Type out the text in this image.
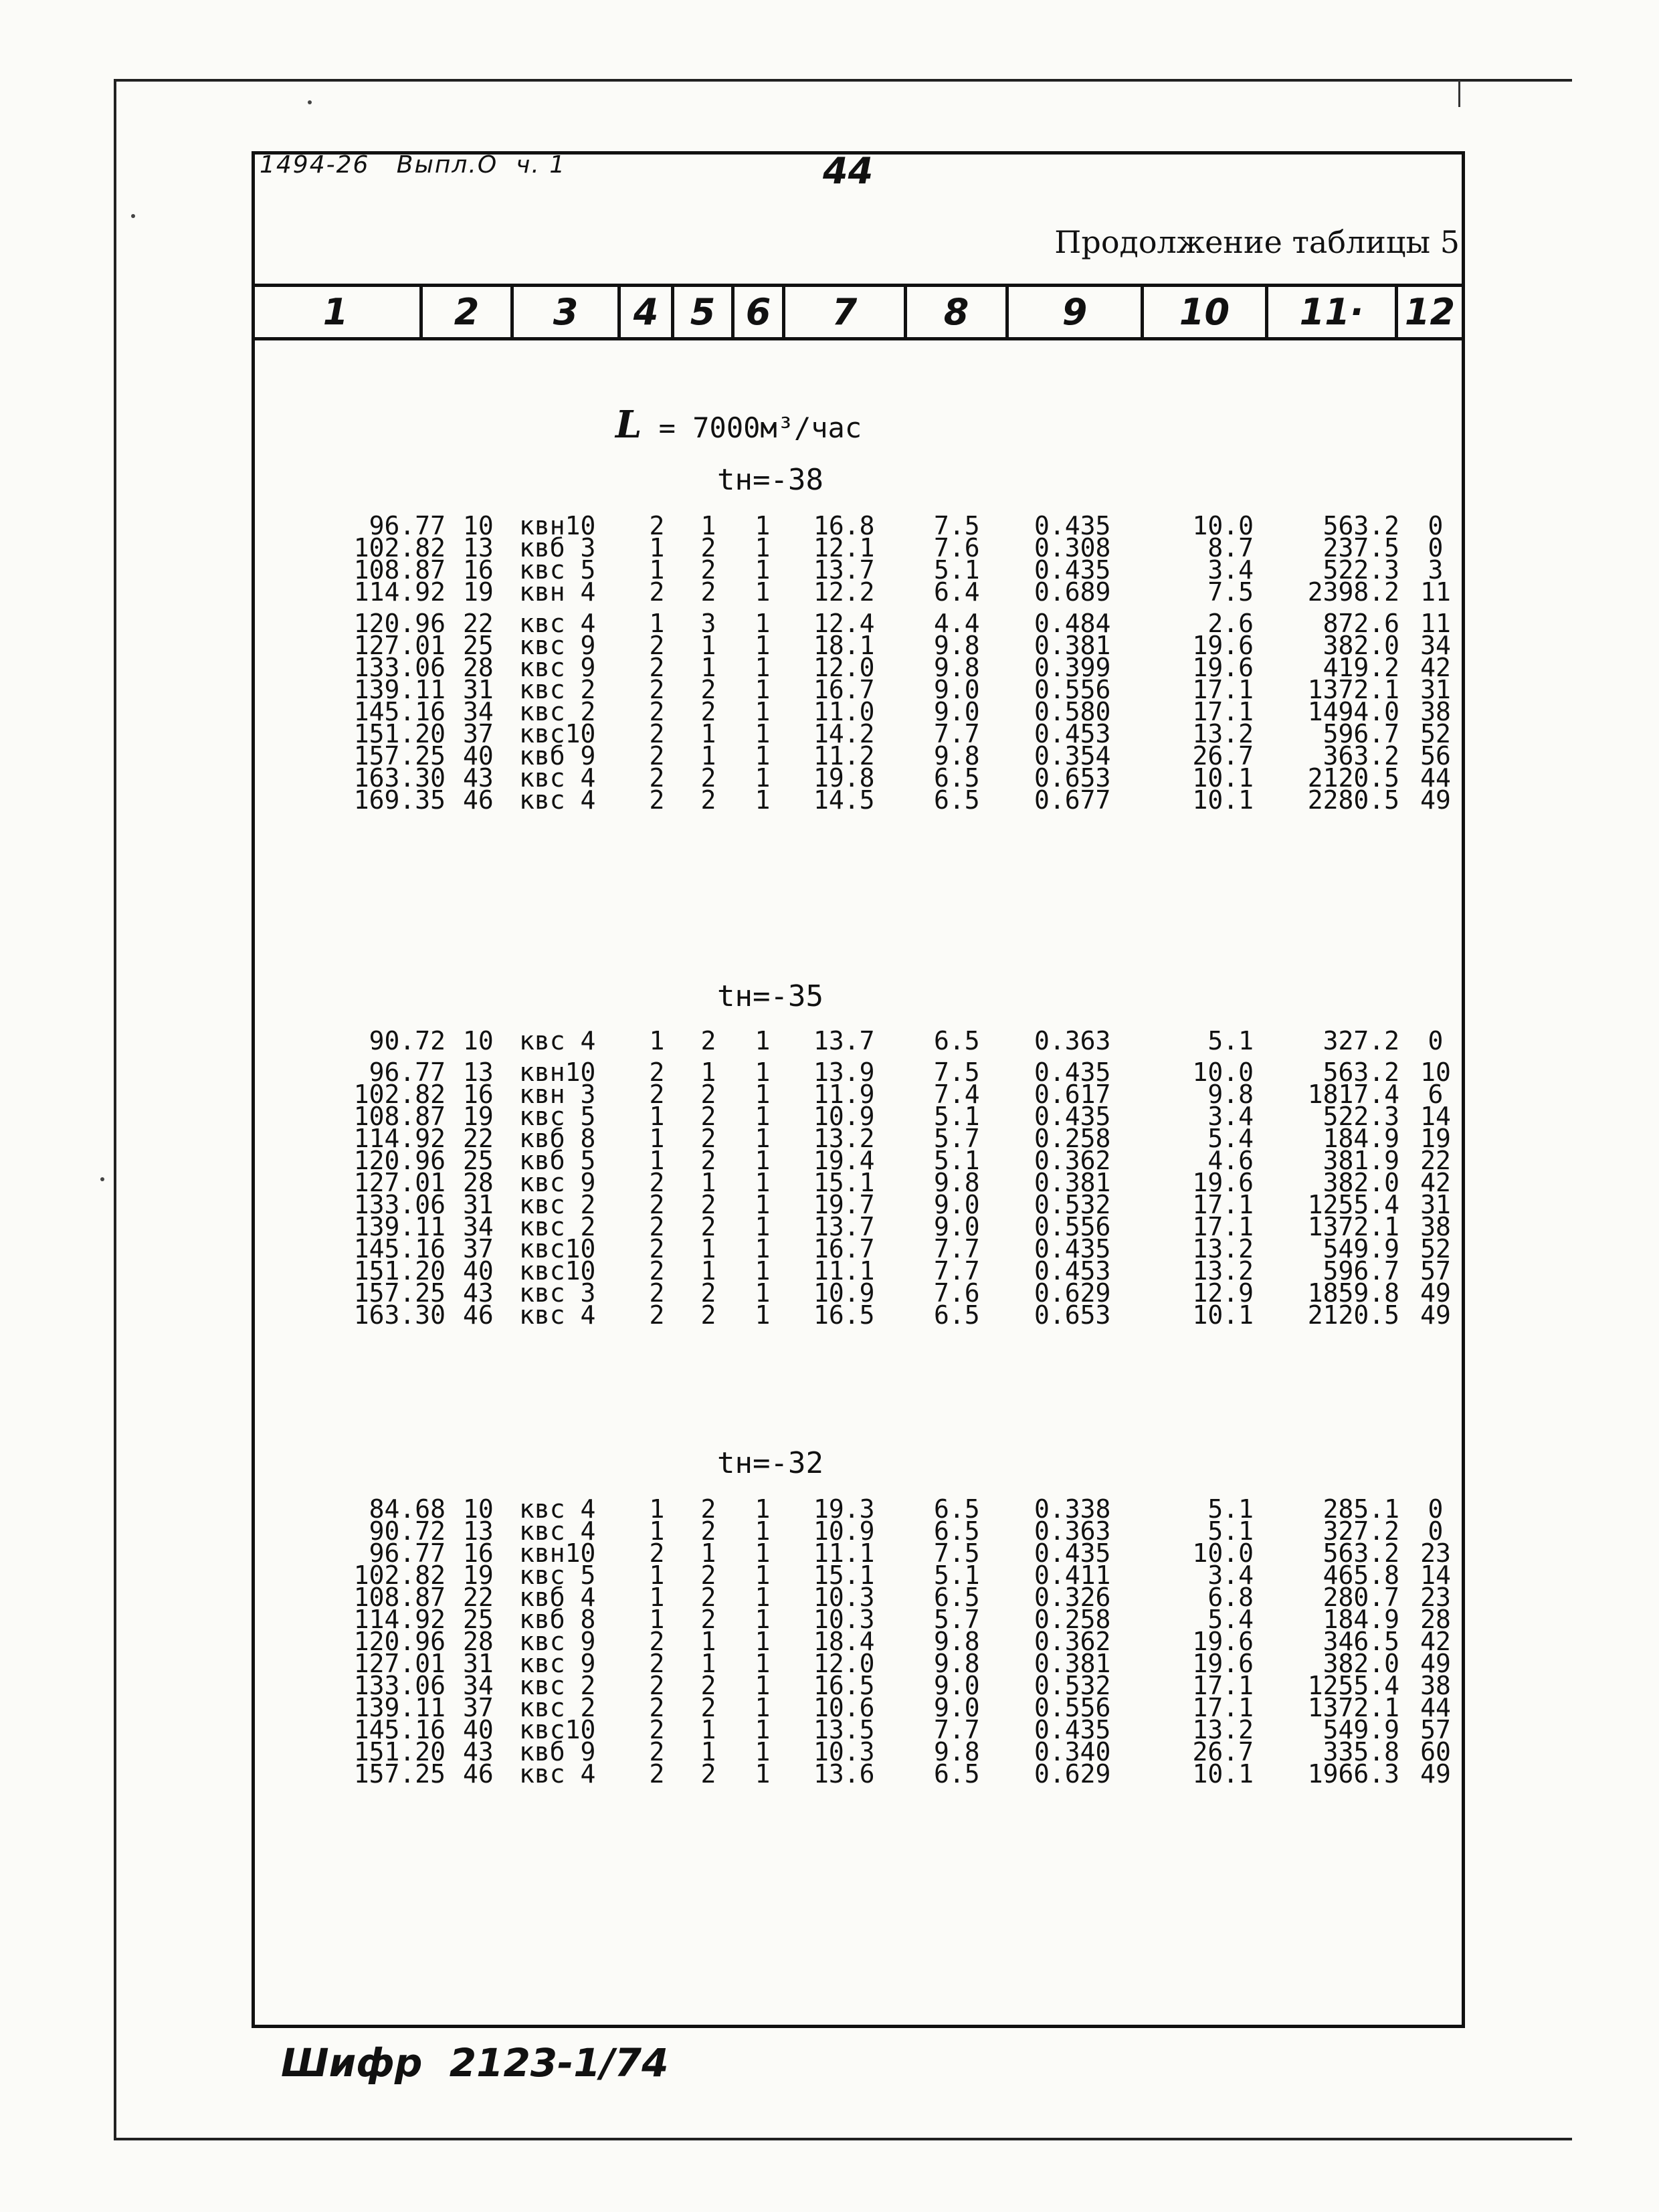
1494-26   Выпл.О  ч. 1	44
Продолжение таблицы 5
1	2	3	4 5 6	7	8	9	10	11·	12
L = 7000м³/час
tн=-38
96.77 10	квн10	2 1 1 16.8	7.5	0.435	10.0	563.2	0
102.82 13	квб 3	1 2 1 12.1	7.6	0.308	8.7	237.5	0
108.87 16	квс 5	1 2 1 13.7	5.1	0.435	3.4	522.3	3
114.92 19	квн 4	2 2 1 12.2	6.4	0.689	7.5	2398.2 11
120.96 22	квс 4	1 3 1 12.4	4.4	0.484	2.6	872.6 11
127.01 25	квс 9	2 1 1 18.1	9.8	0.381	19.6	382.0 34
133.06 28	квс 9	2 1 1 12.0	9.8	0.399	19.6	419.2 42
139.11 31	квс 2	2 2 1 16.7	9.0	0.556	17.1	1372.1 31
145.16 34	квс 2	2 2 1 11.0	9.0	0.580	17.1	1494.0 38
151.20 37	квс10	2 1 1 14.2	7.7	0.453	13.2	596.7 52
157.25 40	квб 9	2 1 1 11.2	9.8	0.354	26.7	363.2 56
163.30 43	квс 4	2 2 1 19.8	6.5	0.653	10.1	2120.5 44
169.35 46	квс 4	2 2 1 14.5	6.5	0.677	10.1	2280.5 49
tн=-35
90.72 10	квс 4	1 2 1 13.7	6.5	0.363	5.1	327.2	0
96.77 13	квн10	2 1 1 13.9	7.5	0.435	10.0	563.2 10
102.82 16	квн 3	2 2 1 11.9	7.4	0.617	9.8	1817.4	6
108.87 19	квс 5	1 2 1 10.9	5.1	0.435	3.4	522.3 14
114.92 22	квб 8	1 2 1 13.2	5.7	0.258	5.4	184.9 19
120.96 25	квб 5	1 2 1 19.4	5.1	0.362	4.6	381.9 22
127.01 28	квс 9	2 1 1 15.1	9.8	0.381	19.6	382.0 42
133.06 31	квс 2	2 2 1 19.7	9.0	0.532	17.1	1255.4 31
139.11 34	квс 2	2 2 1 13.7	9.0	0.556	17.1	1372.1 38
145.16 37	квс10	2 1 1 16.7	7.7	0.435	13.2	549.9 52
151.20 40	квс10	2 1 1 11.1	7.7	0.453	13.2	596.7 57
157.25 43	квс 3	2 2 1 10.9	7.6	0.629	12.9	1859.8 49
163.30 46	квс 4	2 2 1 16.5	6.5	0.653	10.1	2120.5 49
tн=-32
84.68 10	квс 4	1 2 1 19.3	6.5	0.338	5.1	285.1	0
90.72 13	квс 4	1 2 1 10.9	6.5	0.363	5.1	327.2	0
96.77 16	квн10	2 1 1 11.1	7.5	0.435	10.0	563.2 23
102.82 19	квс 5	1 2 1 15.1	5.1	0.411	3.4	465.8 14
108.87 22	квб 4	1 2 1 10.3	6.5	0.326	6.8	280.7 23
114.92 25	квб 8	1 2 1 10.3	5.7	0.258	5.4	184.9 28
120.96 28	квс 9	2 1 1 18.4	9.8	0.362	19.6	346.5 42
127.01 31	квс 9	2 1 1 12.0	9.8	0.381	19.6	382.0 49
133.06 34	квс 2	2 2 1 16.5	9.0	0.532	17.1	1255.4 38
139.11 37	квс 2	2 2 1 10.6	9.0	0.556	17.1	1372.1 44
145.16 40	квс10	2 1 1 13.5	7.7	0.435	13.2	549.9 57
151.20 43	квб 9	2 1 1 10.3	9.8	0.340	26.7	335.8 60
157.25 46	квс 4	2 2 1 13.6	6.5	0.629	10.1	1966.3 49
Шифр  2123-1/74
